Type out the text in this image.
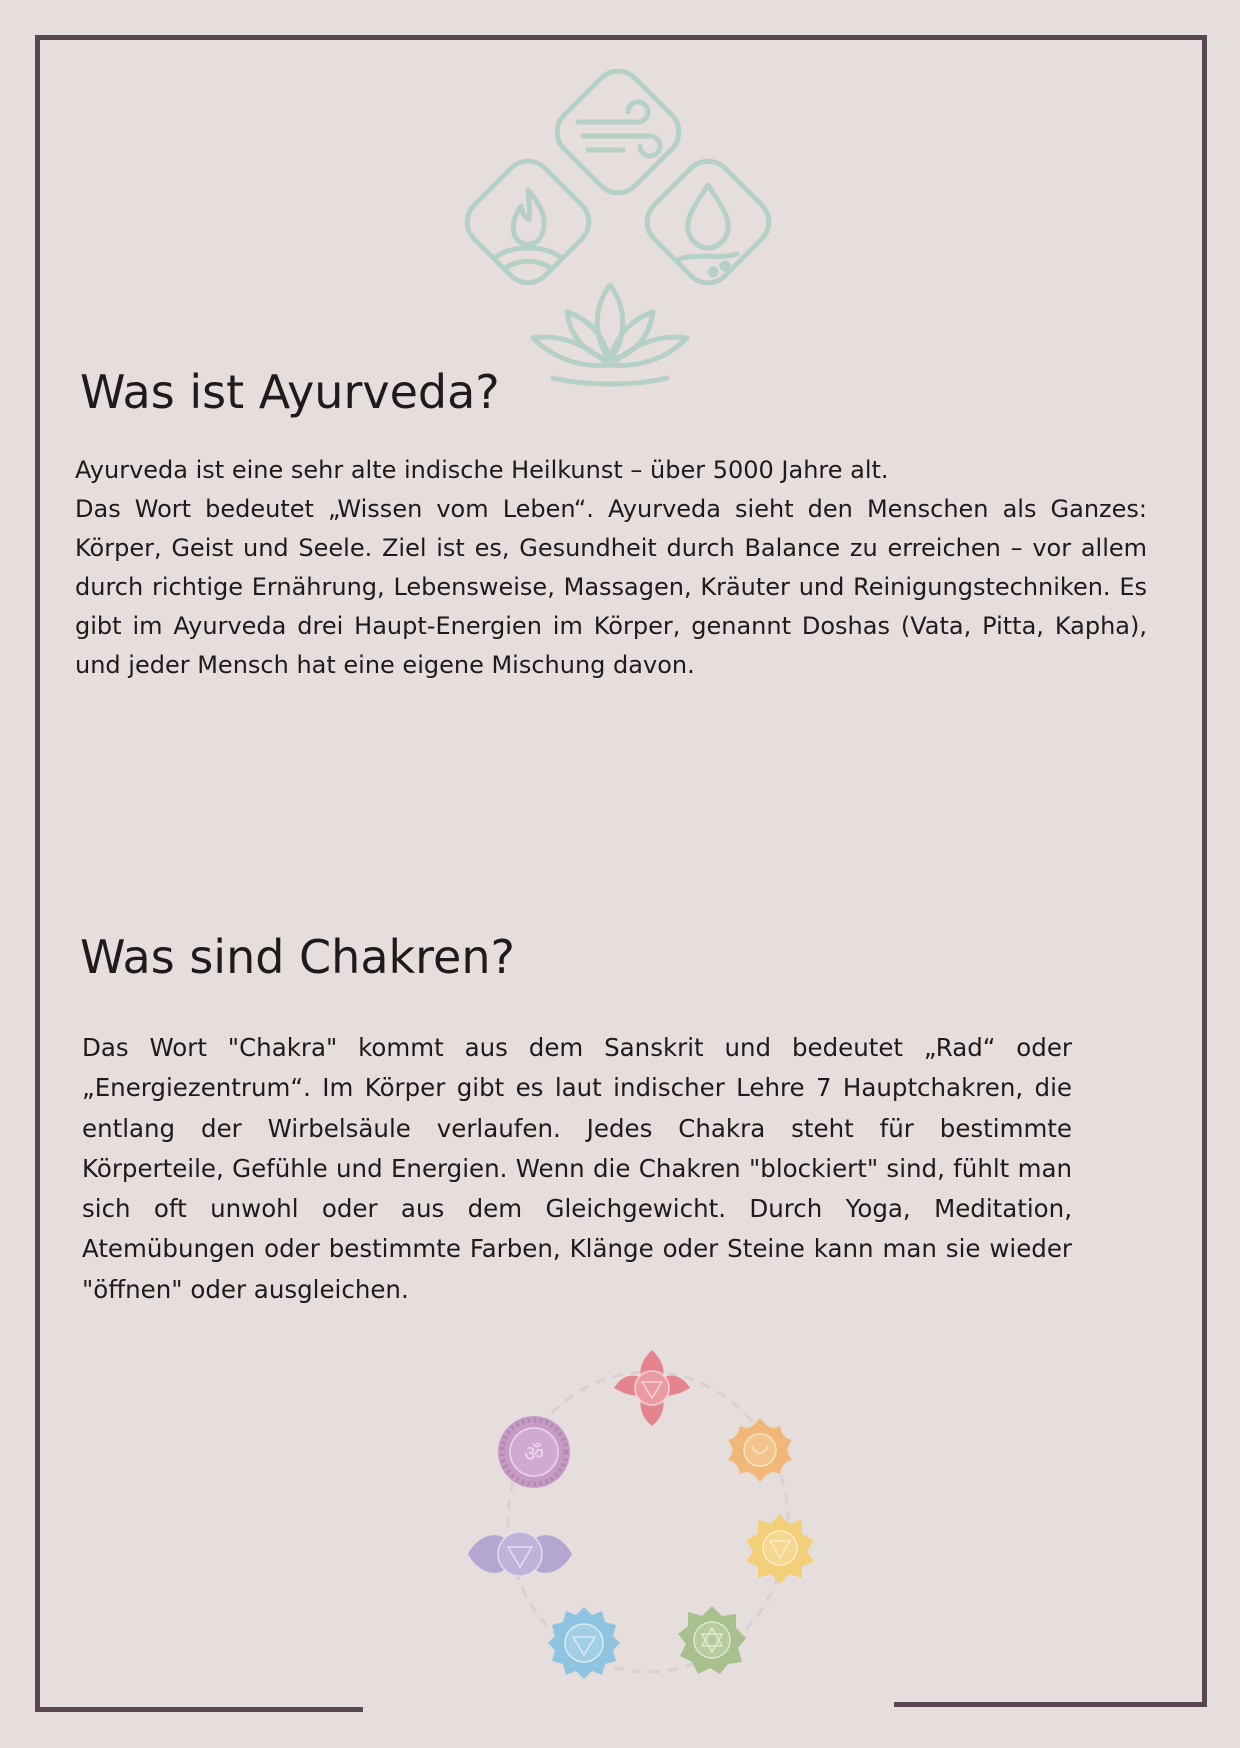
Was ist Ayurveda?

Ayurveda ist eine sehr alte indische Heilkunst – über 5000 Jahre alt.

Das Wort bedeutet „Wissen vom Leben“. Ayurveda sieht den Menschen als Ganzes: Körper, Geist und Seele. Ziel ist es, Gesundheit durch Balance zu erreichen – vor allem durch richtige Ernährung, Lebensweise, Massagen, Kräuter und Reinigungstechniken. Es gibt im Ayurveda drei Haupt-Energien im Körper, genannt Doshas (Vata, Pitta, Kapha), und jeder Mensch hat eine eigene Mischung davon.

Was sind Chakren?

Das Wort "Chakra" kommt aus dem Sanskrit und bedeutet „Rad“ oder „Energiezentrum“. Im Körper gibt es laut indischer Lehre 7 Hauptchakren, die entlang der Wirbelsäule verlaufen. Jedes Chakra steht für bestimmte Körperteile, Gefühle und Energien. Wenn die Chakren "blockiert" sind, fühlt man sich oft unwohl oder aus dem Gleichgewicht. Durch Yoga, Meditation, Atemübungen oder bestimmte Farben, Klänge oder Steine kann man sie wieder "öffnen" oder ausgleichen.

ॐ
